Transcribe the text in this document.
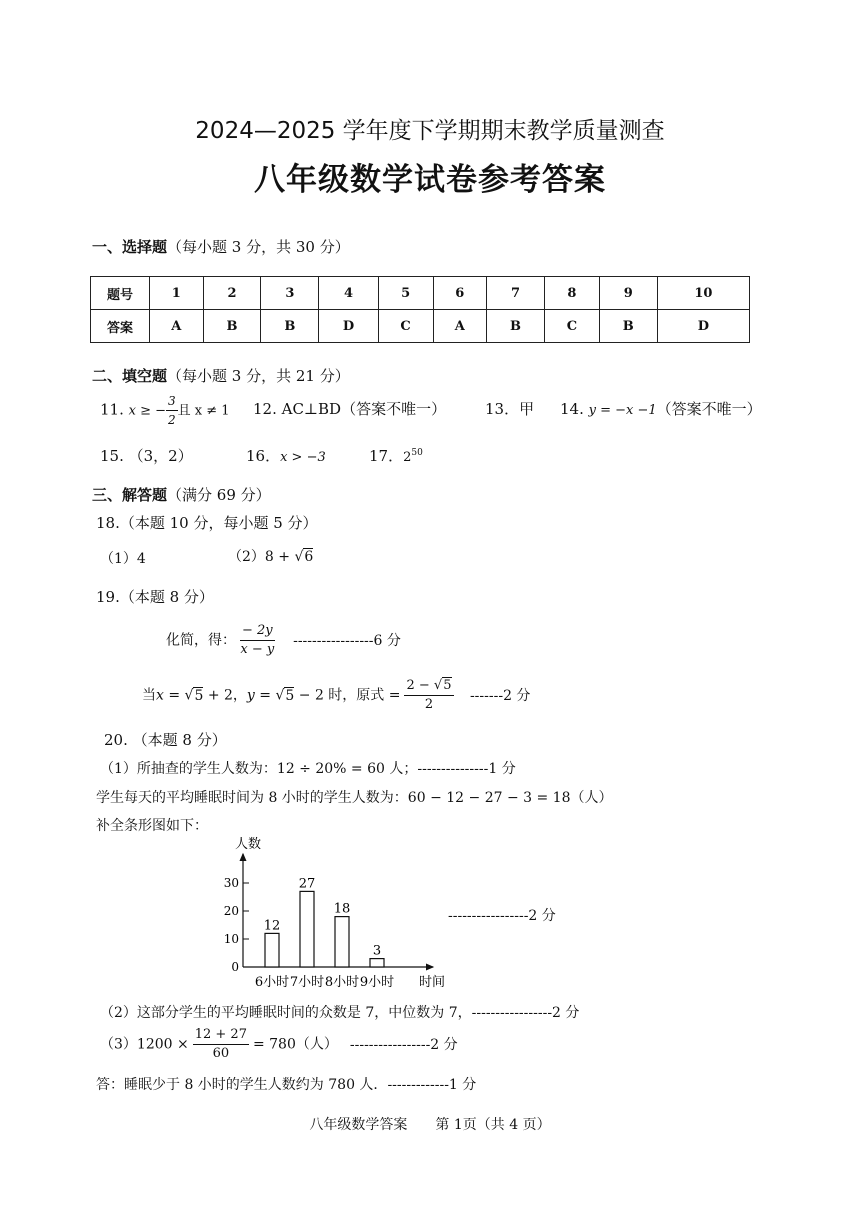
2024—2025 学年度下学期期末教学质量测查
八年级数学试卷参考答案
一、选择题（每小题 3 分，共 30 分）
题号	1	2	3	4	5	6	7	8	9	10
答案	A	B	B	D	C	A	B	C	B	D
二、填空题（每小题 3 分，共 21 分）
11. x ≥ − $\frac{3}{2}$ 且 x ≠ 1 12. AC⊥BD（答案不唯一）	13．甲 14. y = −x −1（答案不唯一）
15. （3，2）	16．x > −3	17．$2^{50}$
三、解答题（满分 69 分）
18.（本题 10 分，每小题 5 分）
（1）4	（2）8 + √6
19.（本题 8 分）
化简，得： $\frac{- 2y}{x - y} -----------------6$ 分
当x = √5 + 2，y = √5 − 2 时，原式 = $\frac{2 - √5}{2} -------2$ 分
20. （本题 8 分）
（1）所抽查的学生人数为：12 ÷ 20% = 60 人；---------------1 分
学生每天的平均睡眠时间为 8 小时的学生人数为：60 − 12 − 27 − 3 = 18（人）
补全条形图如下：
人数
时间
0
10
20
30
12
6小时
27
7小时
18
8小时
3
9小时
-----------------2 分
（2）这部分学生的平均睡眠时间的众数是 7，中位数为 7，-----------------2 分
$(3)1200 \times \frac{12 + 27}{60} = 780$（人） -----------------2 分
答：睡眠少于 8 小时的学生人数约为 780 人．-------------1 分
八年级数学答案　　第 1页（共 4 页）
